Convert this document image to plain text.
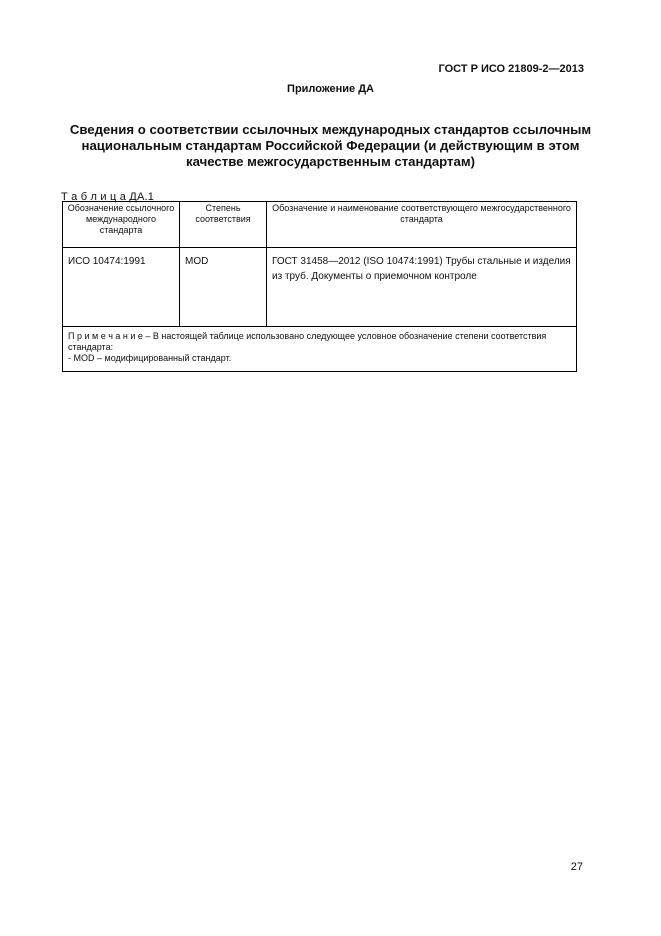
ГОСТ Р ИСО 21809-2—2013
Приложение ДА
Сведения о соответствии ссылочных международных стандартов ссылочным
национальным стандартам Российской Федерации (и действующим в этом
качестве межгосударственным стандартам)
Т а б л и ц а ДА.1
Обозначение ссылочного международного стандарта	Степень соответствия	Обозначение и наименование соответствующего межгосударственного стандарта
ИСО 10474:1991	MOD	ГОСТ 31458—2012 (ISO 10474:1991) Трубы стальные и изделия из труб. Документы о приемочном контроле

П р и м е ч а н и е – В настоящей таблице использовано следующее условное обозначение степени соответствия стандарта:
- MOD – модифицированный стандарт.		
27
